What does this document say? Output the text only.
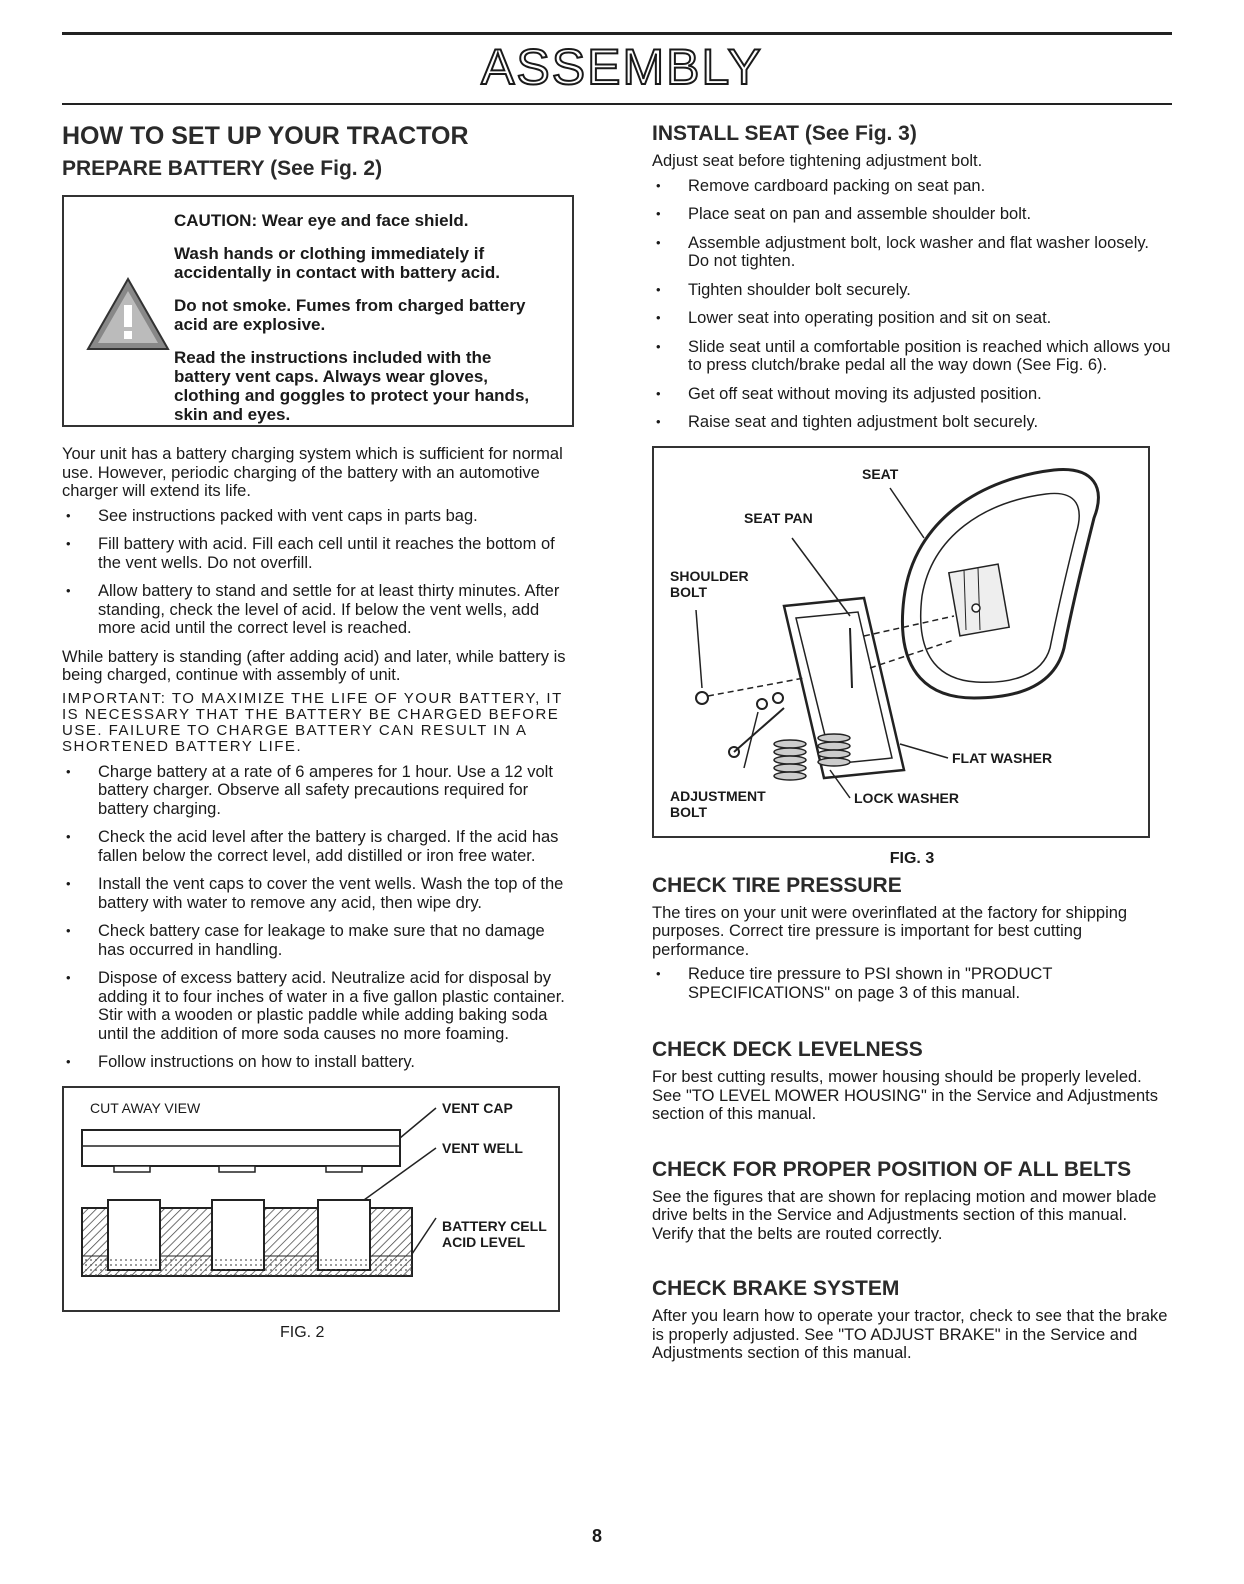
ASSEMBLY
HOW TO SET UP YOUR TRACTOR
PREPARE BATTERY (See Fig. 2)

CAUTION: Wear eye and face shield.

Wash hands or clothing immediately if accidentally in contact with battery acid.

Do not smoke. Fumes from charged battery acid are explosive.

Read the instructions included with the battery vent caps. Always wear gloves, clothing and goggles to protect your hands, skin and eyes.

Your unit has a battery charging system which is sufficient for normal use. However, periodic charging of the battery with an automotive charger will extend its life.

• See instructions packed with vent caps in parts bag.
• Fill battery with acid. Fill each cell until it reaches the bottom of the vent wells. Do not overfill.
• Allow battery to stand and settle for at least thirty minutes. After standing, check the level of acid. If below the vent wells, add more acid until the correct level is reached.

While battery is standing (after adding acid) and later, while battery is being charged, continue with assembly of unit.

IMPORTANT: TO MAXIMIZE THE LIFE OF YOUR BATTERY, IT IS NECESSARY THAT THE BATTERY BE CHARGED BEFORE USE. FAILURE TO CHARGE BATTERY CAN RESULT IN A SHORTENED BATTERY LIFE.

• Charge battery at a rate of 6 amperes for 1 hour. Use a 12 volt battery charger. Observe all safety precautions required for battery charging.
• Check the acid level after the battery is charged. If the acid has fallen below the correct level, add distilled or iron free water.
• Install the vent caps to cover the vent wells. Wash the top of the battery with water to remove any acid, then wipe dry.
• Check battery case for leakage to make sure that no damage has occurred in handling.
• Dispose of excess battery acid. Neutralize acid for disposal by adding it to four inches of water in a five gallon plastic container. Stir with a wooden or plastic paddle while adding baking soda until the addition of more soda causes no more foaming.
• Follow instructions on how to install battery.
CUT AWAY VIEW	VENT CAP
VENT WELL
BATTERY CELL ACID LEVEL
FIG. 2
INSTALL SEAT (See Fig. 3)

Adjust seat before tightening adjustment bolt.

• Remove cardboard packing on seat pan.
• Place seat on pan and assemble shoulder bolt.
• Assemble adjustment bolt, lock washer and flat washer loosely. Do not tighten.
• Tighten shoulder bolt securely.
• Lower seat into operating position and sit on seat.
• Slide seat until a comfortable position is reached which allows you to press clutch/brake pedal all the way down (See Fig. 6).
• Get off seat without moving its adjusted position.
• Raise seat and tighten adjustment bolt securely.
SEAT
SEAT PAN
SHOULDER BOLT
FLAT WASHER
ADJUSTMENT BOLT
LOCK WASHER
FIG. 3
CHECK TIRE PRESSURE

The tires on your unit were overinflated at the factory for shipping purposes. Correct tire pressure is important for best cutting performance.

• Reduce tire pressure to PSI shown in "PRODUCT SPECIFICATIONS" on page 3 of this manual.
CHECK DECK LEVELNESS

For best cutting results, mower housing should be properly leveled. See "TO LEVEL MOWER HOUSING" in the Service and Adjustments section of this manual.

CHECK FOR PROPER POSITION OF ALL BELTS

See the figures that are shown for replacing motion and mower blade drive belts in the Service and Adjustments section of this manual. Verify that the belts are routed correctly.

CHECK BRAKE SYSTEM

After you learn how to operate your tractor, check to see that the brake is properly adjusted. See "TO ADJUST BRAKE" in the Service and Adjustments section of this manual.

8
